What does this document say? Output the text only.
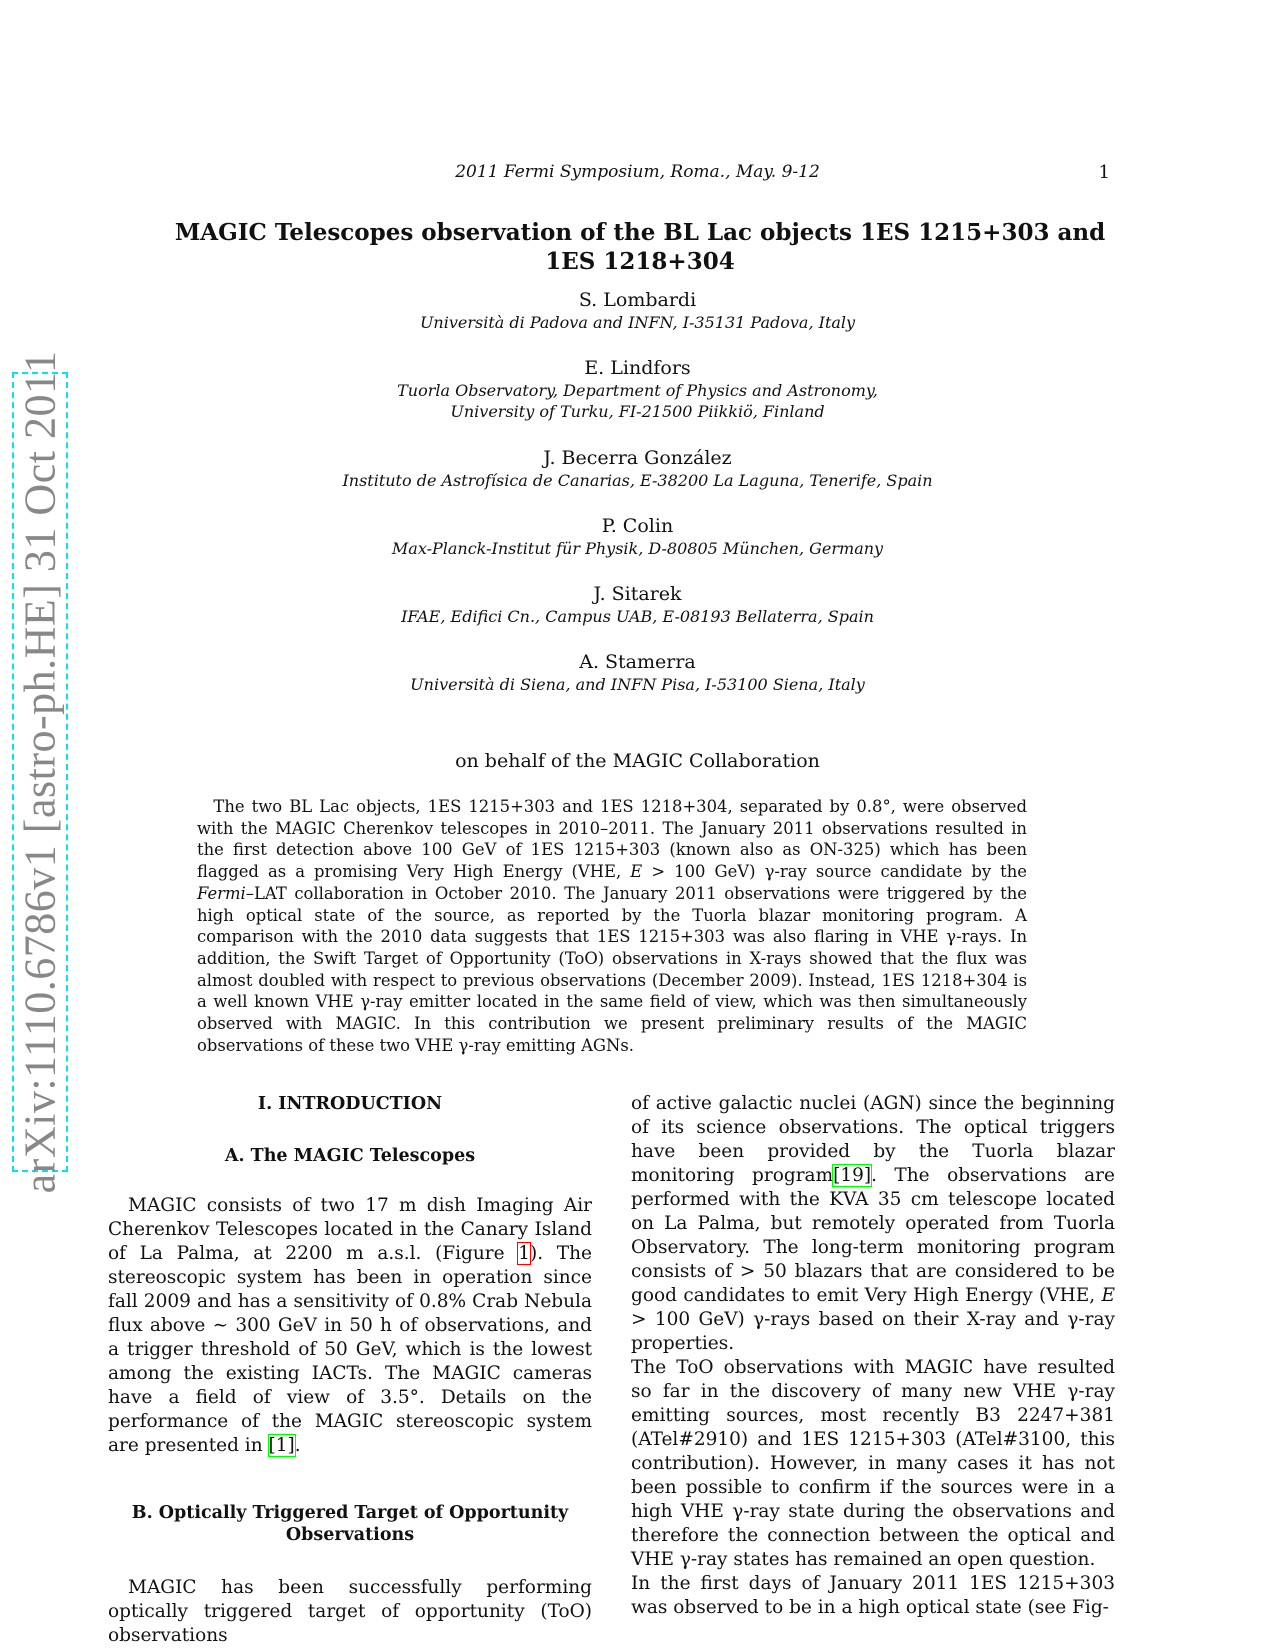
2011 Fermi Symposium, Roma., May. 9-12	1
arXiv:1110.6786v1 [astro-ph.HE] 31 Oct 2011
MAGIC Telescopes observation of the BL Lac objects 1ES 1215+303 and
1ES 1218+304
S. Lombardi
Università di Padova and INFN, I-35131 Padova, Italy
E. Lindfors
Tuorla Observatory, Department of Physics and Astronomy,
University of Turku, FI-21500 Piikkiö, Finland
J. Becerra González
Instituto de Astrofísica de Canarias, E-38200 La Laguna, Tenerife, Spain
P. Colin
Max-Planck-Institut für Physik, D-80805 München, Germany
J. Sitarek
IFAE, Edifici Cn., Campus UAB, E-08193 Bellaterra, Spain
A. Stamerra
Università di Siena, and INFN Pisa, I-53100 Siena, Italy
on behalf of the MAGIC Collaboration

 The two BL Lac objects, 1ES 1215+303 and 1ES 1218+304, separated by 0.8°, were observed with the MAGIC Cherenkov telescopes in 2010–2011. The January 2011 observations resulted in the first detection above 100 GeV of 1ES 1215+303 (known also as ON-325) which has been flagged as a promising Very High Energy (VHE, E > 100 GeV) γ-ray source candidate by the Fermi–LAT collaboration in October 2010. The January 2011 observations were triggered by the high optical state of the source, as reported by the Tuorla blazar monitoring program. A comparison with the 2010 data suggests that 1ES 1215+303 was also flaring in VHE γ-rays. In addition, the Swift Target of Opportunity (ToO) observations in X-rays showed that the flux was almost doubled with respect to previous observations (December 2009). Instead, 1ES 1218+304 is a well known VHE γ-ray emitter located in the same field of view, which was then simultaneously observed with MAGIC. In this contribution we present preliminary results of the MAGIC observations of these two VHE γ-ray emitting AGNs.

I. INTRODUCTION
A. The MAGIC Telescopes

MAGIC consists of two 17 m dish Imaging Air Cherenkov Telescopes located in the Canary Island of La Palma, at 2200 m a.s.l. (Figure 1). The stereoscopic system has been in operation since fall 2009 and has a sensitivity of 0.8% Crab Nebula flux above ∼ 300 GeV in 50 h of observations, and a trigger threshold of 50 GeV, which is the lowest among the existing IACTs. The MAGIC cameras have a field of view of 3.5°. Details on the performance of the MAGIC stereoscopic system are presented in [1].

B. Optically Triggered Target of Opportunity
Observations

MAGIC has been successfully performing optically triggered target of opportunity (ToO) observations

of active galactic nuclei (AGN) since the beginning of its science observations. The optical triggers have been provided by the Tuorla blazar monitoring program[19]. The observations are performed with the KVA 35 cm telescope located on La Palma, but remotely operated from Tuorla Observatory. The long-term monitoring program consists of > 50 blazars that are considered to be good candidates to emit Very High Energy (VHE, E > 100 GeV) γ-rays based on their X-ray and γ-ray properties.

The ToO observations with MAGIC have resulted so far in the discovery of many new VHE γ-ray emitting sources, most recently B3 2247+381 (ATel#2910) and 1ES 1215+303 (ATel#3100, this contribution). However, in many cases it has not been possible to confirm if the sources were in a high VHE γ-ray state during the observations and therefore the connection between the optical and VHE γ-ray states has remained an open question.

In the first days of January 2011 1ES 1215+303 was observed to be in a high optical state (see Fig-
